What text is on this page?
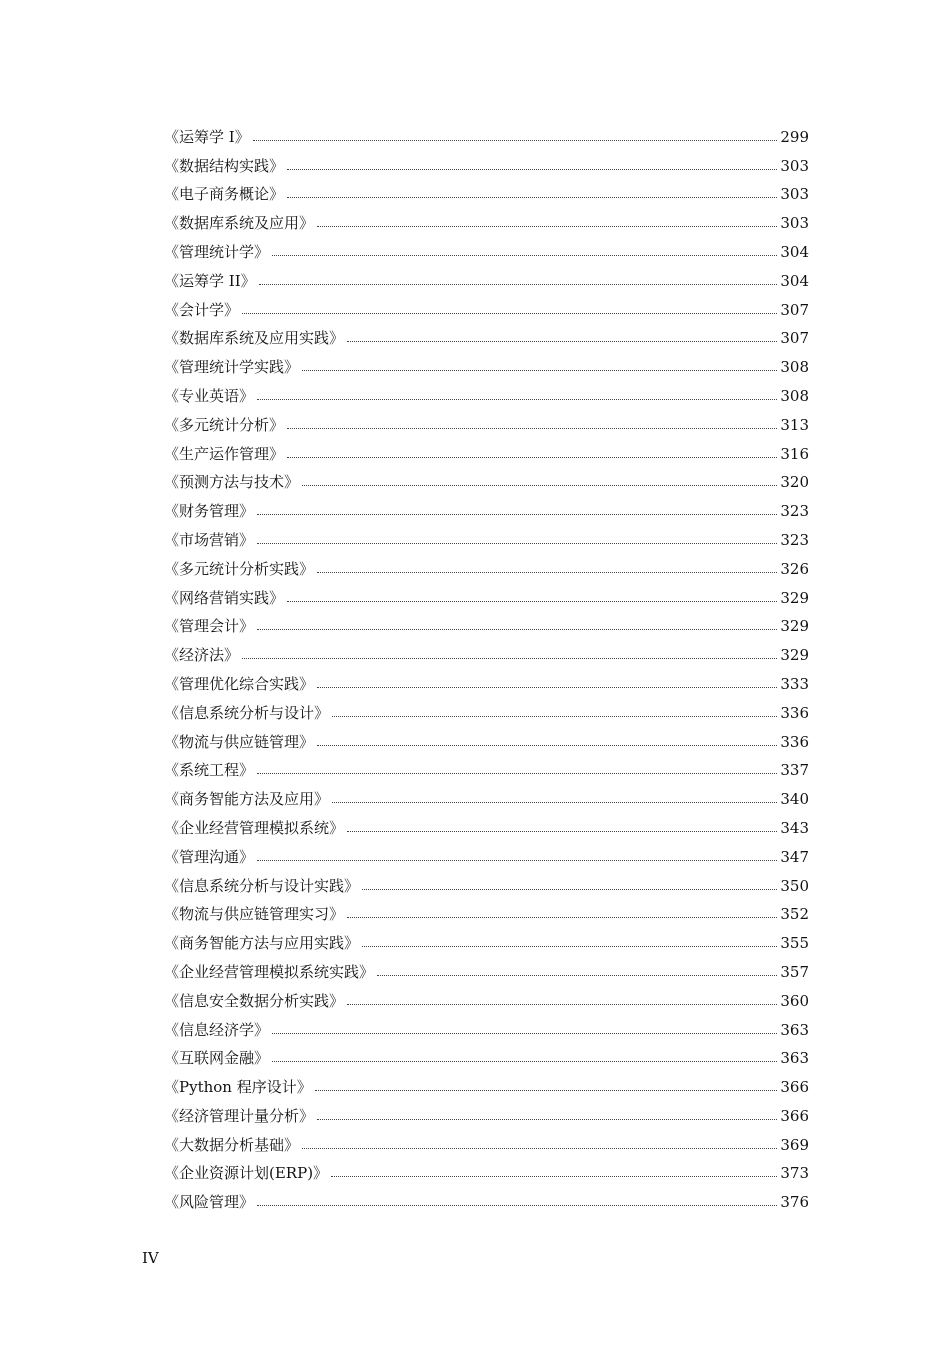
《运筹学 I》	299
《数据结构实践》	303
《电子商务概论》	303
《数据库系统及应用》	303
《管理统计学》	304
《运筹学 II》	304
《会计学》	307
《数据库系统及应用实践》	307
《管理统计学实践》	308
《专业英语》	308
《多元统计分析》	313
《生产运作管理》	316
《预测方法与技术》	320
《财务管理》	323
《市场营销》	323
《多元统计分析实践》	326
《网络营销实践》	329
《管理会计》	329
《经济法》	329
《管理优化综合实践》	333
《信息系统分析与设计》	336
《物流与供应链管理》	336
《系统工程》	337
《商务智能方法及应用》	340
《企业经营管理模拟系统》	343
《管理沟通》	347
《信息系统分析与设计实践》	350
《物流与供应链管理实习》	352
《商务智能方法与应用实践》	355
《企业经营管理模拟系统实践》	357
《信息安全数据分析实践》	360
《信息经济学》	363
《互联网金融》	363
《Python 程序设计》	366
《经济管理计量分析》	366
《大数据分析基础》	369
《企业资源计划(ERP)》	373
《风险管理》	376
IV
